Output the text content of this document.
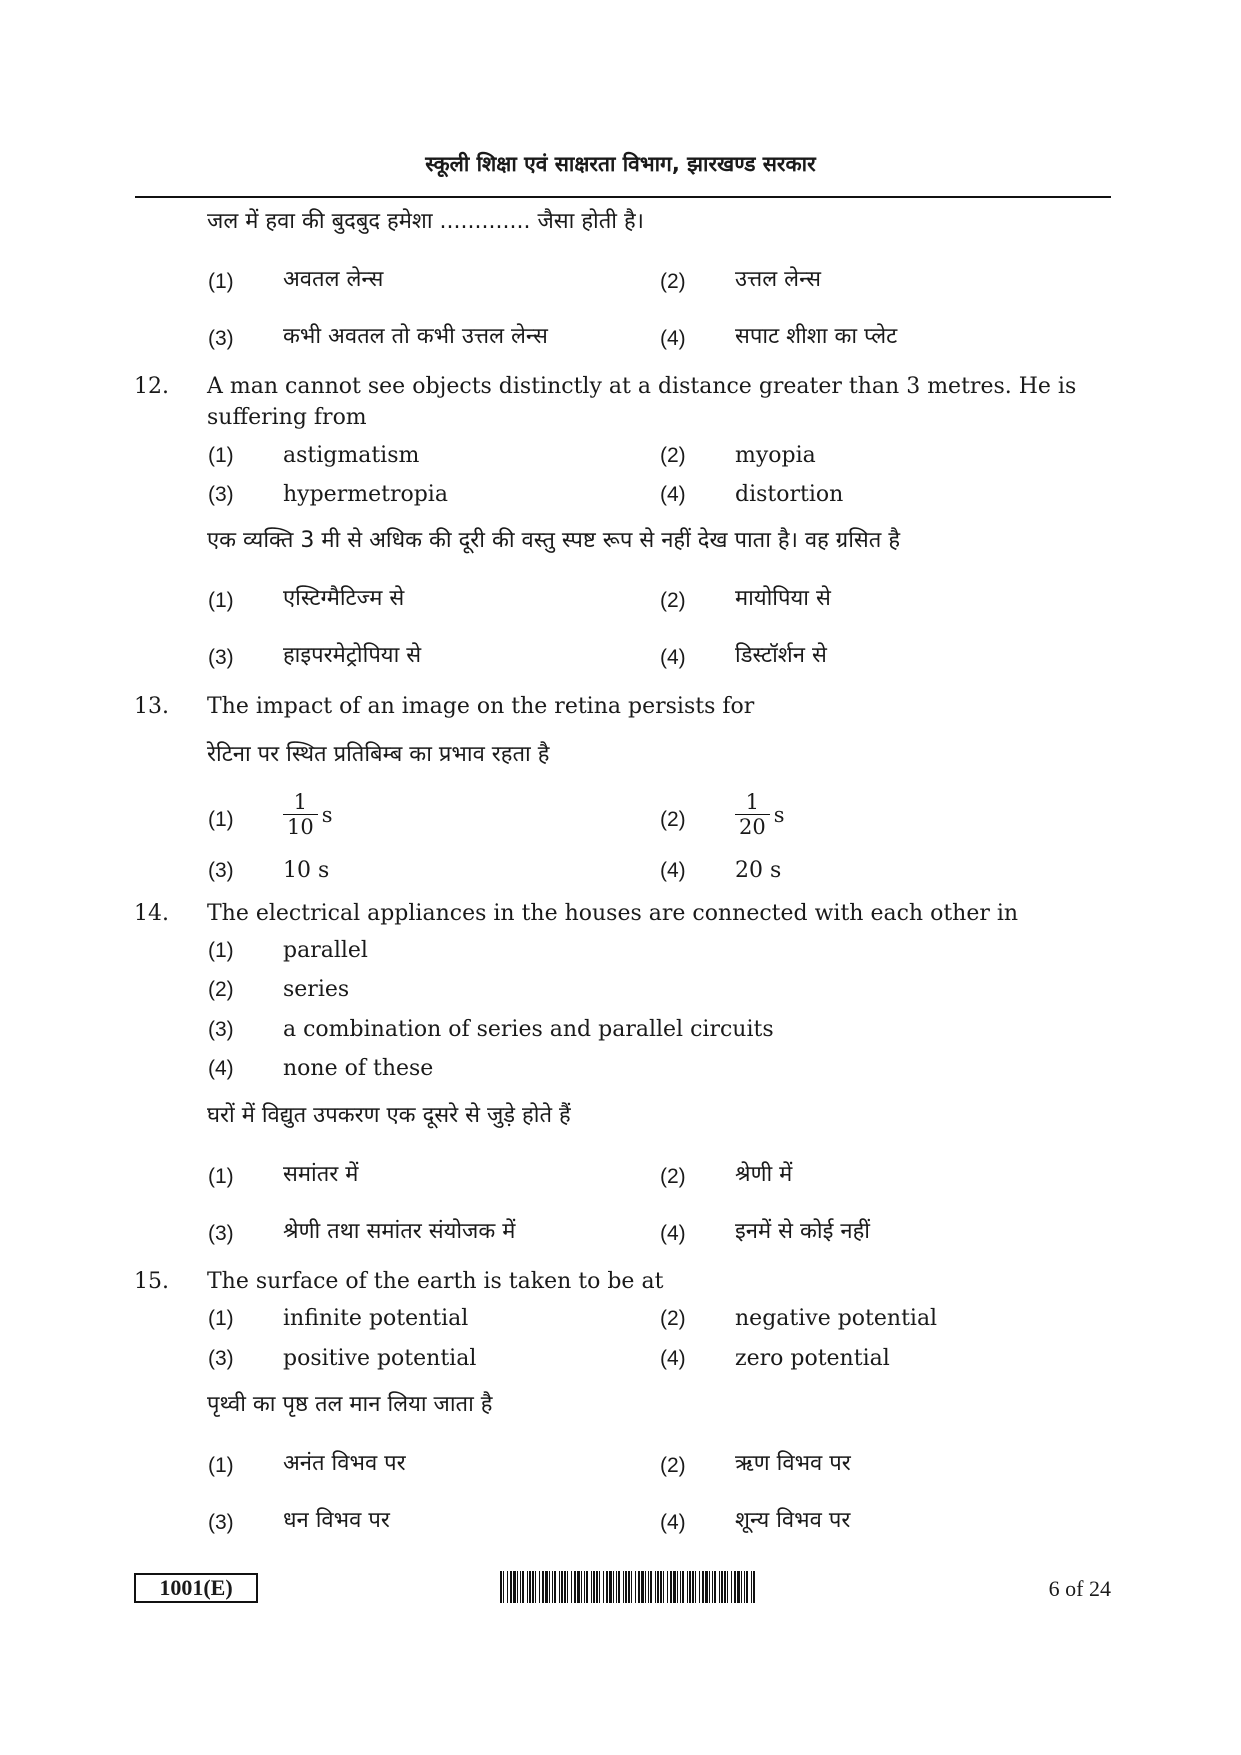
स्कूली शिक्षा एवं साक्षरता विभाग, झारखण्ड सरकार
जल में हवा की बुदबुद हमेशा ............. जैसा होती है।
(1) अवतल लेन्स	(2) उत्तल लेन्स
(3) कभी अवतल तो कभी उत्तल लेन्स	(4) सपाट शीशा का प्लेट
12. A man cannot see objects distinctly at a distance greater than 3 metres. He is suffering from
(1) astigmatism	(2) myopia
(3) hypermetropia	(4) distortion
एक व्यक्ति 3 मी से अधिक की दूरी की वस्तु स्पष्ट रूप से नहीं देख पाता है। वह ग्रसित है
(1) एस्टिग्मैटिज्म से	(2) मायोपिया से
(3) हाइपरमेट्रोपिया से	(4) डिस्टॉर्शन से
13. The impact of an image on the retina persists for
रेटिना पर स्थित प्रतिबिम्ब का प्रभाव रहता है
$(1) \frac{1}{10}$ s	$(2) \frac{1}{20}$ s
(3) 10 s	(4) 20 s
14. The electrical appliances in the houses are connected with each other in
(1) parallel
(2) series
(3) a combination of series and parallel circuits
(4) none of these
घरों में विद्युत उपकरण एक दूसरे से जुड़े होते हैं
(1) समांतर में	(2) श्रेणी में
(3) श्रेणी तथा समांतर संयोजक में	(4) इनमें से कोई नहीं
15. The surface of the earth is taken to be at
(1) infinite potential	(2) negative potential
(3) positive potential	(4) zero potential
पृथ्वी का पृष्ठ तल मान लिया जाता है
(1) अनंत विभव पर	(2) ऋण विभव पर
(3) धन विभव पर	(4) शून्य विभव पर
1001(E)	6 of 24
